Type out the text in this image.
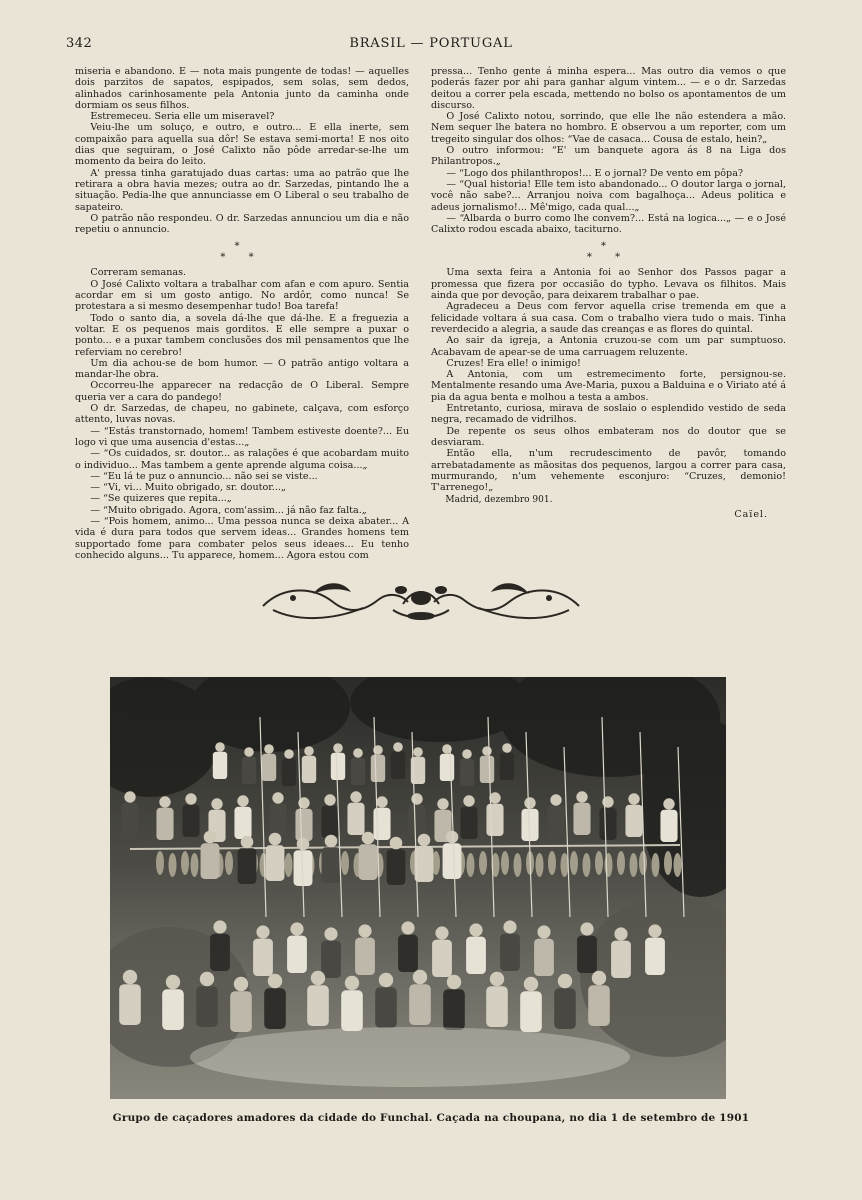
342	BRASIL — PORTUGAL

miseria e abandono. E — nota mais pungente de todas! — aquelles dois parzitos de sapatos, espipados, sem solas, sem dedos, alinhados carinhosamente pela Antonia junto da caminha onde dormiam os seus filhos.

Estremeceu. Seria elle um miseravel?

Veiu-lhe um soluço, e outro, e outro... E ella inerte, sem compaixão para aquella sua dôr! Se estava semi-morta! E nos oito dias que seguiram, o José Calixto não pôde arredar-se-lhe um momento da beira do leito.

A' pressa tinha garatujado duas cartas: uma ao patrão que lhe retirara a obra havia mezes; outra ao dr. Sarzedas, pintando lhe a situação. Pedia-lhe que annunciasse em O Liberal o seu trabalho de sapateiro.

O patrão não respondeu. O dr. Sarzedas annunciou um dia e não repetiu o annuncio.

*
* *

Correram semanas.

O José Calixto voltara a trabalhar com afan e com apuro. Sentia acordar em si um gosto antigo. No ardôr, como nunca! Se protestara a si mesmo desempenhar tudo! Boa tarefa!

Todo o santo dia, a sovela dá-lhe que dá-lhe. E a freguezia a voltar. E os pequenos mais gorditos. E elle sempre a puxar o ponto... e a puxar tambem conclusões dos mil pensamentos que lhe referviam no cerebro!

Um dia achou-se de bom humor. — O patrão antigo voltara a mandar-lhe obra.

Occorreu-lhe apparecer na redacção de O Liberal. Sempre queria ver a cara do pandego!

O dr. Sarzedas, de chapeu, no gabinete, calçava, com esforço attento, luvas novas.

— “Estás transtornado, homem! Tambem estiveste doente?... Eu logo vi que uma ausencia d'estas...„

— “Os cuidados, sr. doutor... as ralações é que acobardam muito o individuo... Mas tambem a gente aprende alguma coisa...„

— “Eu lá te puz o annuncio... não sei se viste...

— “Vi, vi... Muito obrigado, sr. doutor...„

— “Se quizeres que repita...„

— “Muito obrigado. Agora, com'assim... já não faz falta.„

— “Pois homem, animo... Uma pessoa nunca se deixa abater... A vida é dura para todos que servem ideas... Grandes homens tem supportado fome para combater pelos seus ideaes... Eu tenho conhecido alguns... Tu apparece, homem... Agora estou com

pressa... Tenho gente á minha espera... Mas outro dia vemos o que poderás fazer por ahi para ganhar algum vintem... — e o dr. Sarzedas deitou a correr pela escada, mettendo no bolso os apontamentos de um discurso.

O José Calixto notou, sorrindo, que elle lhe não estendera a mão. Nem sequer lhe batera no hombro. E observou a um reporter, com um tregeito singular dos olhos: “Vae de casaca... Cousa de estalo, hein?„

O outro informou: “E' um banquete agora ás 8 na Liga dos Philantropos.„

— “Logo dos philanthropos!... E o jornal? De vento em pôpa?

— “Qual historia! Elle tem isto abandonado... O doutor larga o jornal, você não sabe?... Arranjou noiva com bagalhoça... Adeus politica e adeus jornalismo!... Mê'migo, cada qual...„

— “Albarda o burro como lhe convem?... Está na logica...„ — e o José Calixto rodou escada abaixo, taciturno.

*
* *

Uma sexta feira a Antonia foi ao Senhor dos Passos pagar a promessa que fizera por occasião do typho. Levava os filhitos. Mais ainda que por devoção, para deixarem trabalhar o pae.

Agradeceu a Deus com fervor aquella crise tremenda em que a felicidade voltara á sua casa. Com o trabalho viera tudo o mais. Tinha reverdecido a alegria, a saude das creanças e as flores do quintal.

Ao sair da igreja, a Antonia cruzou-se com um par sumptuoso. Acabavam de apear-se de uma carruagem reluzente.

Cruzes! Era elle! o inimigo!

A Antonia, com um estremecimento forte, persignou-se. Mentalmente resando uma Ave-Maria, puxou a Balduina e o Viriato até á pia da agua benta e molhou a testa a ambos.

Entretanto, curiosa, mirava de soslaio o esplendido vestido de seda negra, recamado de vidrilhos.

De repente os seus olhos embateram nos do doutor que se desviaram.

Então ella, n'um recrudescimento de pavôr, tomando arrebatadamente as mãositas dos pequenos, largou a correr para casa, murmurando, n'um vehemente esconjuro: “Cruzes, demonio! T'arrenego!„

Madrid, dezembro 901.
Caïel.
Grupo de caçadores amadores da cidade do Funchal. Caçada na choupana, no dia 1 de setembro de 1901
